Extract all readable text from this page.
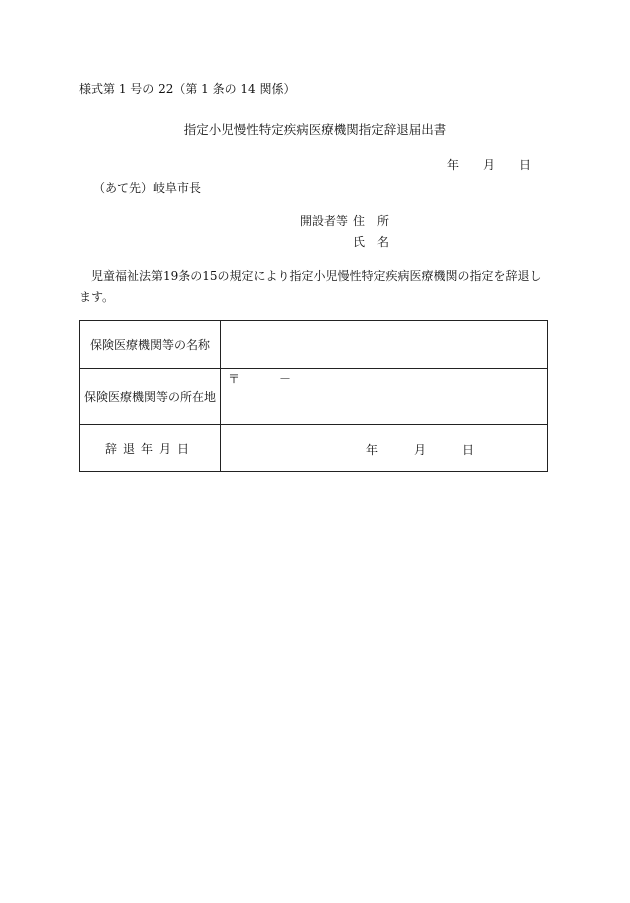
様式第 1 号の 22（第 1 条の 14 関係）
指定小児慢性特定疾病医療機関指定辞退届出書
年 月 日
（あて先）岐阜市長
開設者等 住　所
氏　名
児童福祉法第19条の15の規定により指定小児慢性特定疾病医療機関の指定を辞退します。
保険医療機関等の名称	
保険医療機関等の所在地	〒 －

辞退年月日	年 月 日
